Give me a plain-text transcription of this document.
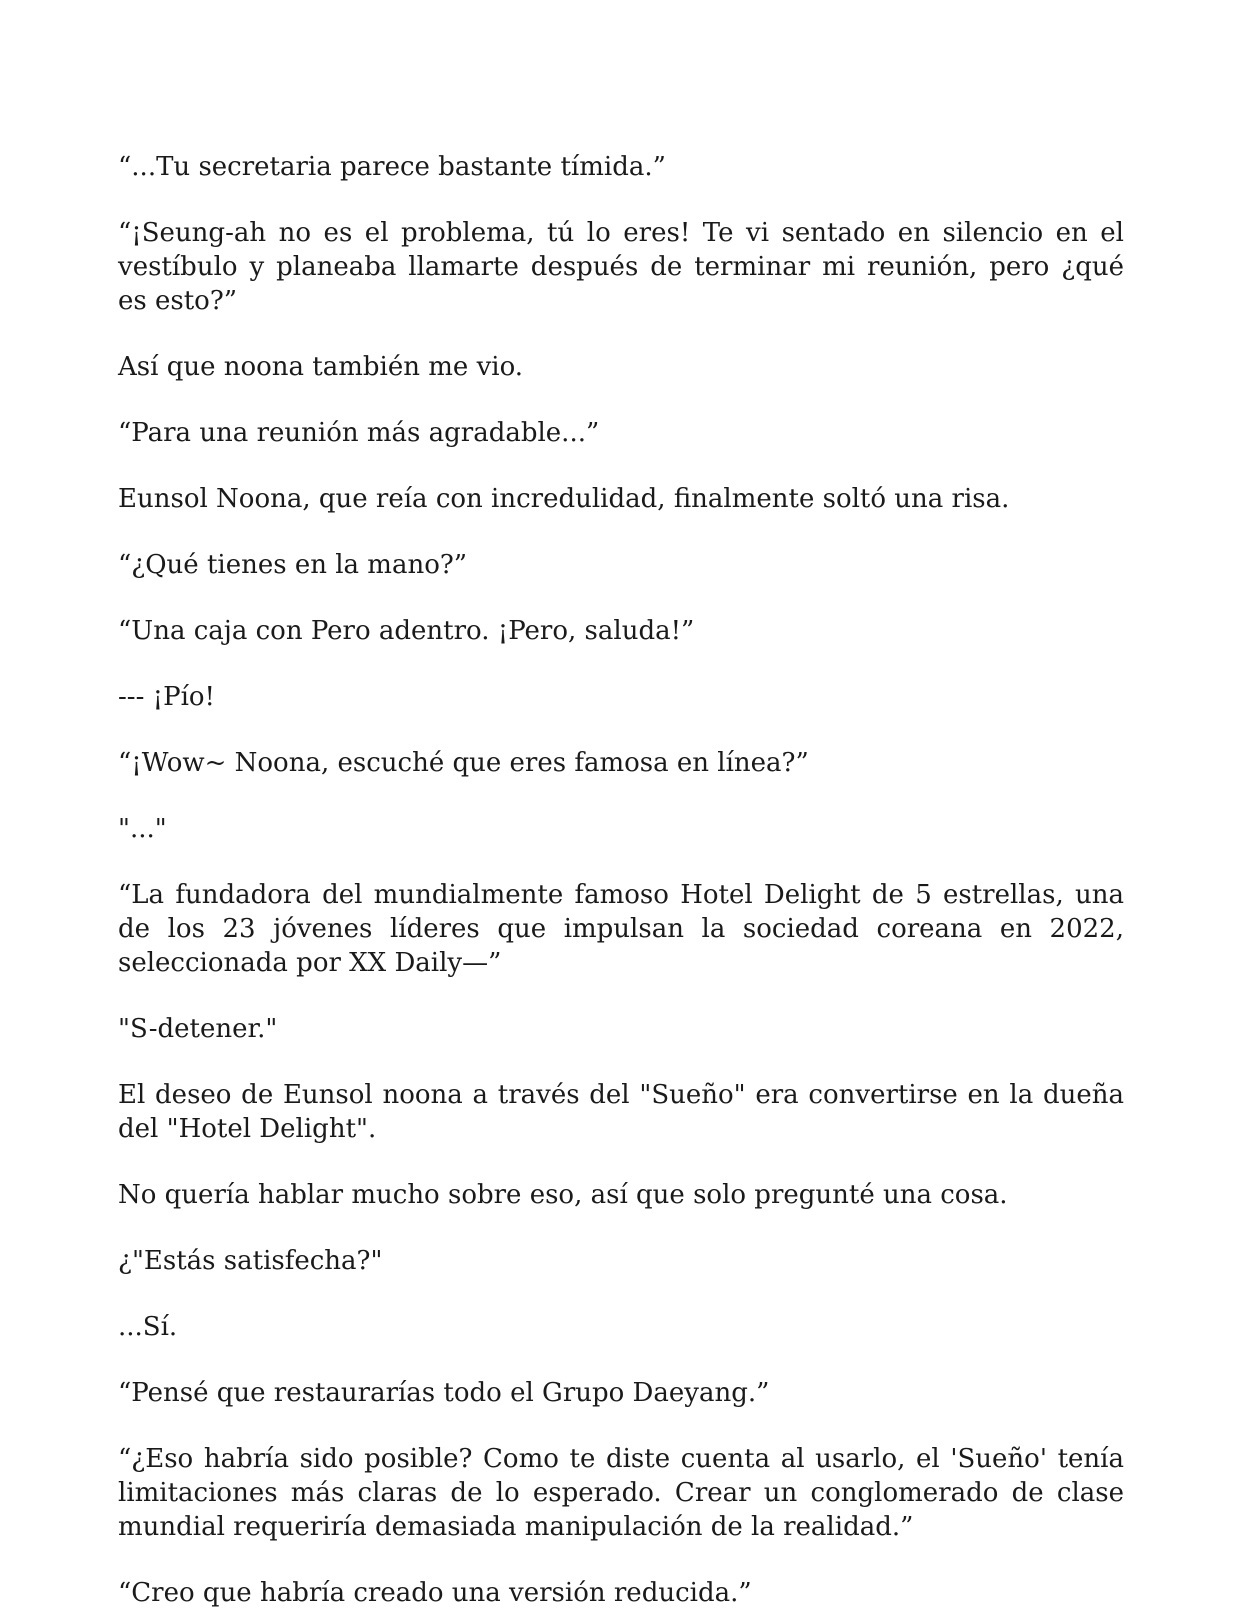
“...Tu secretaria parece bastante tímida.”

“¡Seung-ah no es el problema, tú lo eres! Te vi sentado en silencio en el vestíbulo y planeaba llamarte después de terminar mi reunión, pero ¿qué es esto?”

Así que noona también me vio.

“Para una reunión más agradable...”

Eunsol Noona, que reía con incredulidad, finalmente soltó una risa.

“¿Qué tienes en la mano?”

“Una caja con Pero adentro. ¡Pero, saluda!”

--- ¡Pío!

“¡Wow~ Noona, escuché que eres famosa en línea?”

"..."

“La fundadora del mundialmente famoso Hotel Delight de 5 estrellas, una de los 23 jóvenes líderes que impulsan la sociedad coreana en 2022, seleccionada por XX Daily—”

"S-detener."

El deseo de Eunsol noona a través del "Sueño" era convertirse en la dueña del "Hotel Delight".

No quería hablar mucho sobre eso, así que solo pregunté una cosa.

¿"Estás satisfecha?"

...Sí.

“Pensé que restaurarías todo el Grupo Daeyang.”

“¿Eso habría sido posible? Como te diste cuenta al usarlo, el 'Sueño' tenía limitaciones más claras de lo esperado. Crear un conglomerado de clase mundial requeriría demasiada manipulación de la realidad.”

“Creo que habría creado una versión reducida.”
